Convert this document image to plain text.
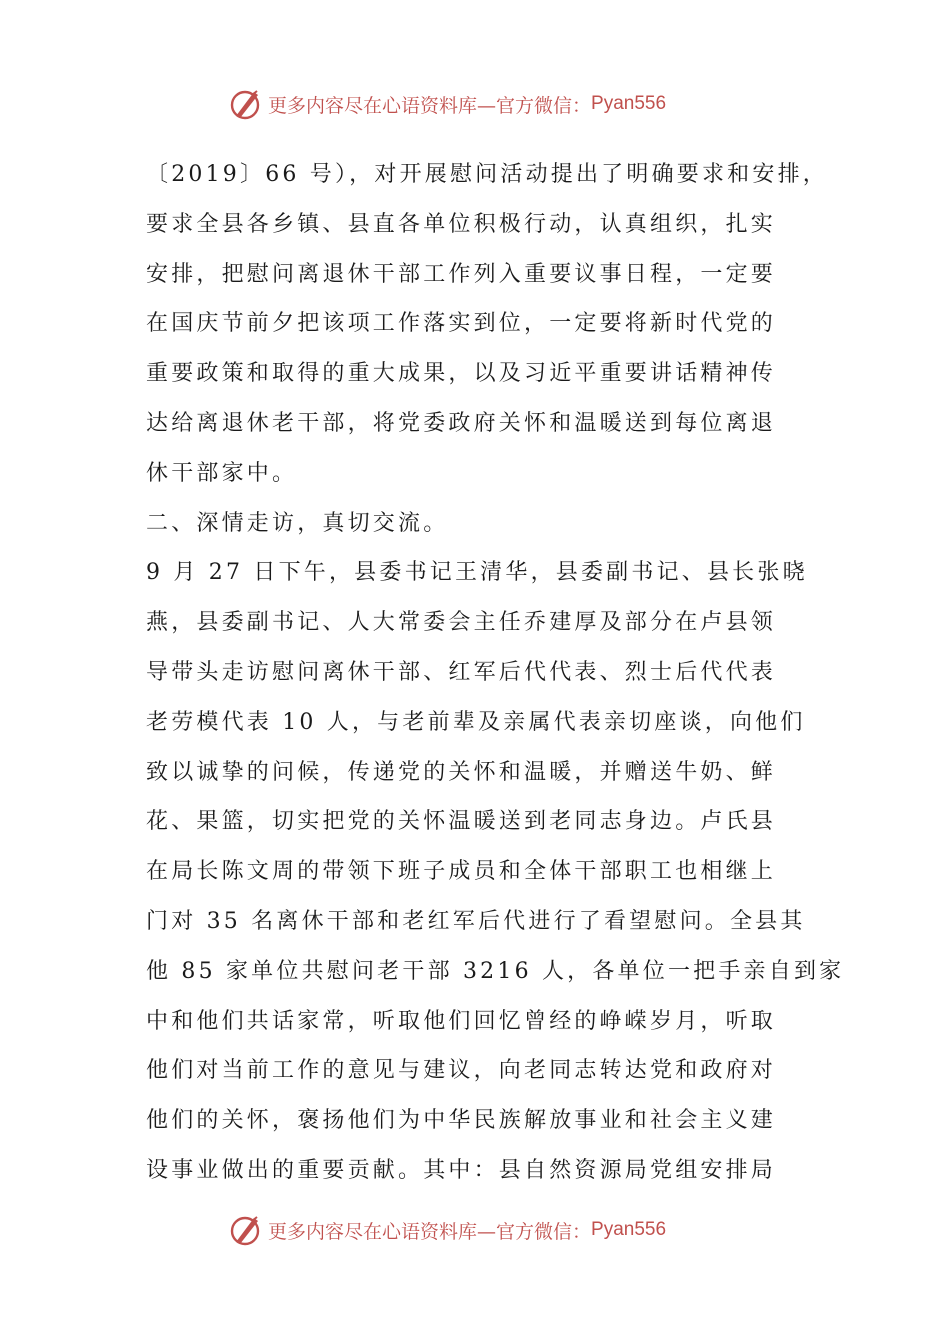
更多内容尽在心语资料库—官方微信： Pyan556
〔2019〕66 号），对开展慰问活动提出了明确要求和安排，
要求全县各乡镇、县直各单位积极行动，认真组织，扎实
安排，把慰问离退休干部工作列入重要议事日程，一定要
在国庆节前夕把该项工作落实到位，一定要将新时代党的
重要政策和取得的重大成果，以及习近平重要讲话精神传
达给离退休老干部，将党委政府关怀和温暖送到每位离退
休干部家中。
二、深情走访，真切交流。
9 月 27 日下午，县委书记王清华，县委副书记、县长张晓
燕，县委副书记、人大常委会主任乔建厚及部分在卢县领
导带头走访慰问离休干部、红军后代代表、烈士后代代表
老劳模代表 10 人，与老前辈及亲属代表亲切座谈，向他们
致以诚挚的问候，传递党的关怀和温暖，并赠送牛奶、鲜
花、果篮，切实把党的关怀温暖送到老同志身边。卢氏县
在局长陈文周的带领下班子成员和全体干部职工也相继上
门对 35 名离休干部和老红军后代进行了看望慰问。全县其
他 85 家单位共慰问老干部 3216 人，各单位一把手亲自到家
中和他们共话家常，听取他们回忆曾经的峥嵘岁月，听取
他们对当前工作的意见与建议，向老同志转达党和政府对
他们的关怀，褒扬他们为中华民族解放事业和社会主义建
设事业做出的重要贡献。其中：县自然资源局党组安排局
更多内容尽在心语资料库—官方微信： Pyan556
